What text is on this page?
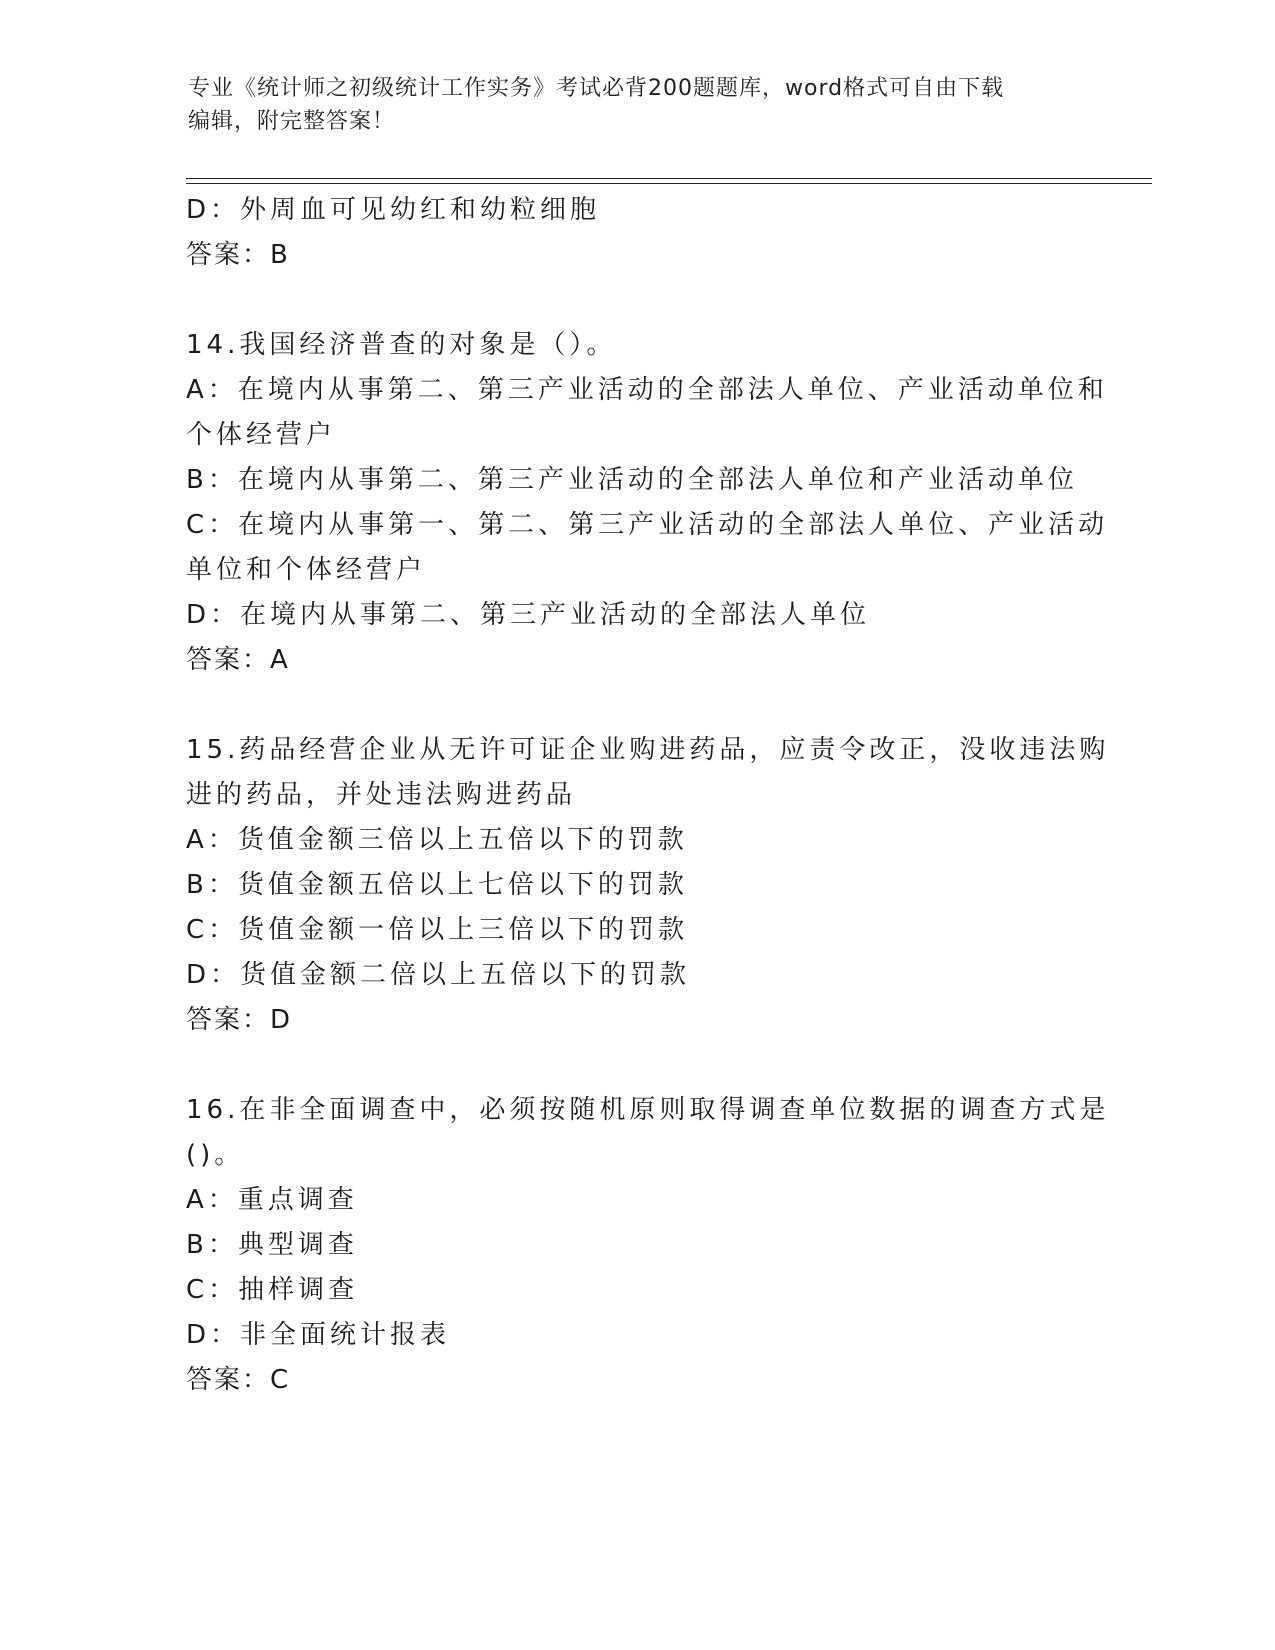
专业《统计师之初级统计工作实务》考试必背200题题库，word格式可自由下载
编辑，附完整答案！
D：外周血可见幼红和幼粒细胞
答案：B
14.我国经济普查的对象是（）。
A：在境内从事第二、第三产业活动的全部法人单位、产业活动单位和
个体经营户
B：在境内从事第二、第三产业活动的全部法人单位和产业活动单位
C：在境内从事第一、第二、第三产业活动的全部法人单位、产业活动
单位和个体经营户
D：在境内从事第二、第三产业活动的全部法人单位
答案：A
15.药品经营企业从无许可证企业购进药品，应责令改正，没收违法购
进的药品，并处违法购进药品
A：货值金额三倍以上五倍以下的罚款
B：货值金额五倍以上七倍以下的罚款
C：货值金额一倍以上三倍以下的罚款
D：货值金额二倍以上五倍以下的罚款
答案：D
16.在非全面调查中，必须按随机原则取得调查单位数据的调查方式是
()。
A：重点调查
B：典型调查
C：抽样调查
D：非全面统计报表
答案：C
